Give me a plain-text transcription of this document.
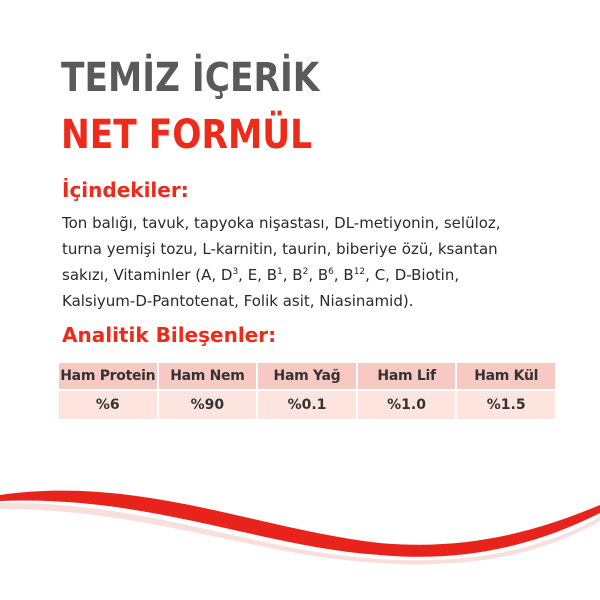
TEMİZ İÇERİK
NET FORMÜL
İçindekiler:
Ton balığı, tavuk, tapyoka nişastası, DL-metiyonin, selüloz,
turna yemişi tozu, L-karnitin, taurin, biberiye özü, ksantan
sakızı, Vitaminler (A, $D^3$, E, $B^1$, $B^2$, $B^6$, $B^{12}$, C, D-Biotin,
Kalsiyum-D-Pantotenat, Folik asit, Niasinamid).
Analitik Bileşenler:
Ham Protein	Ham Nem	Ham Yağ	Ham Lif	Ham Kül
%6	%90	%0.1	%1.0	%1.5
